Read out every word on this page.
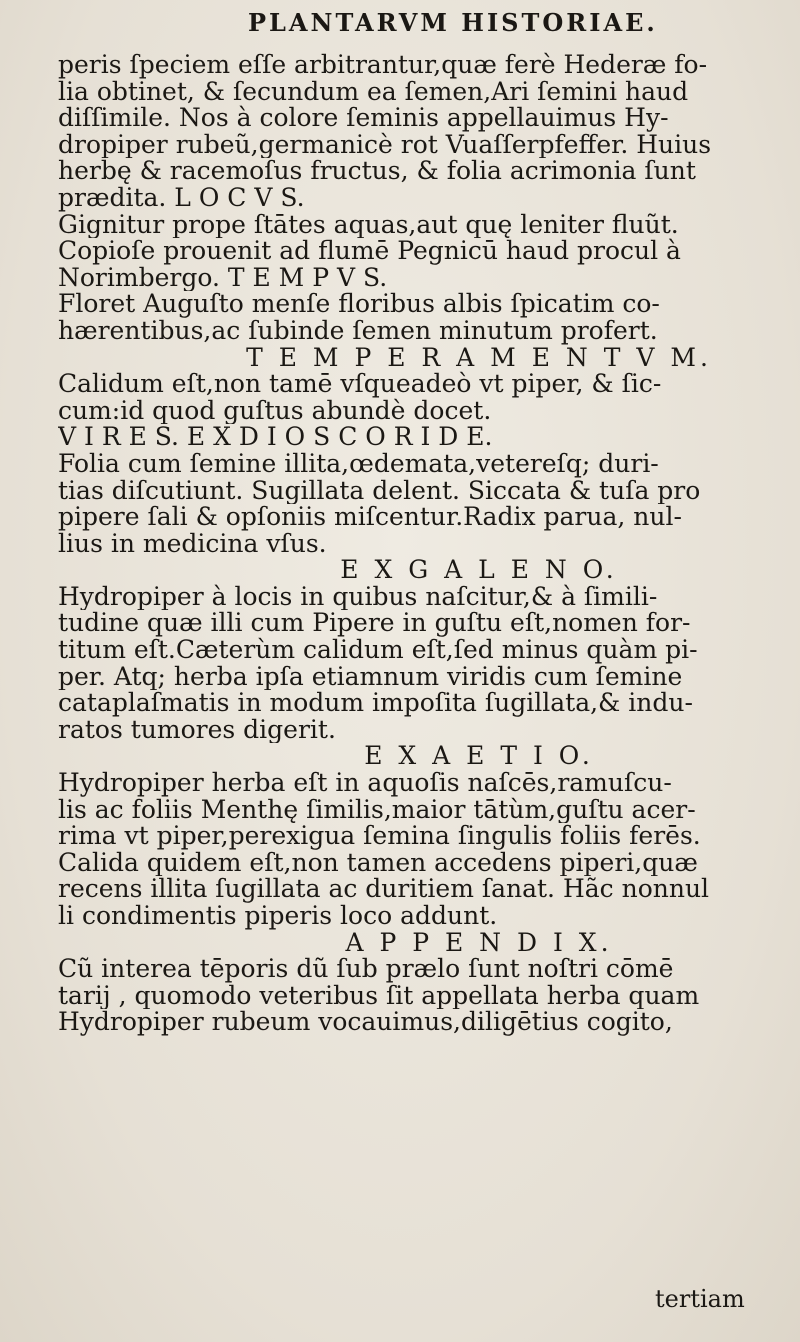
PLANTARVM HISTORIAE.
peris ſpeciem eſſe arbitrantur,quæ ferè Hederæ fo-
lia obtinet, & ſecundum ea ſemen,Ari ſemini haud
diſſimile. Nos à colore ſeminis appellauimus Hy-
dropiper rubeũ,germanicè rot Vuaſſerpfeffer. Huius
herbę & racemoſus fructus, & folia acrimonia ſunt
prædita. L O C V S.
Gignitur prope ſtātes aquas,aut quę leniter fluũt.
Copioſe prouenit ad flumē Pegnicū haud procul à
Norimbergo. T E M P V S.
Floret Auguſto menſe floribus albis ſpicatim co-
hærentibus,ac ſubinde ſemen minutum profert.
T E M P E R A M E N T V M.
Calidum eſt,non tamē vſqueadeò vt piper, & ſic-
cum:id quod guſtus abundè docet.
V I R E S. E X D I O S C O R I D E.
Folia cum ſemine illita,œdemata,vetereſq; duri-
tias diſcutiunt. Sugillata delent. Siccata & tuſa pro
pipere ſali & opſoniis miſcentur.Radix parua, nul-
lius in medicina vſus.
E X G A L E N O.
Hydropiper à locis in quibus naſcitur,& à ſimili-
tudine quæ illi cum Pipere in guſtu eſt,nomen for-
titum eſt.Cæterùm calidum eſt,ſed minus quàm pi-
per. Atq; herba ipſa etiamnum viridis cum ſemine
cataplaſmatis in modum impoſita ſugillata,& indu-
ratos tumores digerit.
E X A E T I O.
Hydropiper herba eſt in aquoſis naſcēs,ramuſcu-
lis ac foliis Menthę ſimilis,maior tātùm,guſtu acer-
rima vt piper,perexigua ſemina ſingulis foliis ferēs.
Calida quidem eſt,non tamen accedens piperi,quæ
recens illita ſugillata ac duritiem ſanat. Hãc nonnul
li condimentis piperis loco addunt.
A P P E N D I X.
Cũ interea tēporis dũ ſub prælo ſunt noſtri cōmē
tarij , quomodo veteribus ſit appellata herba quam
Hydropiper rubeum vocauimus,diligētius cogito,
tertiam
